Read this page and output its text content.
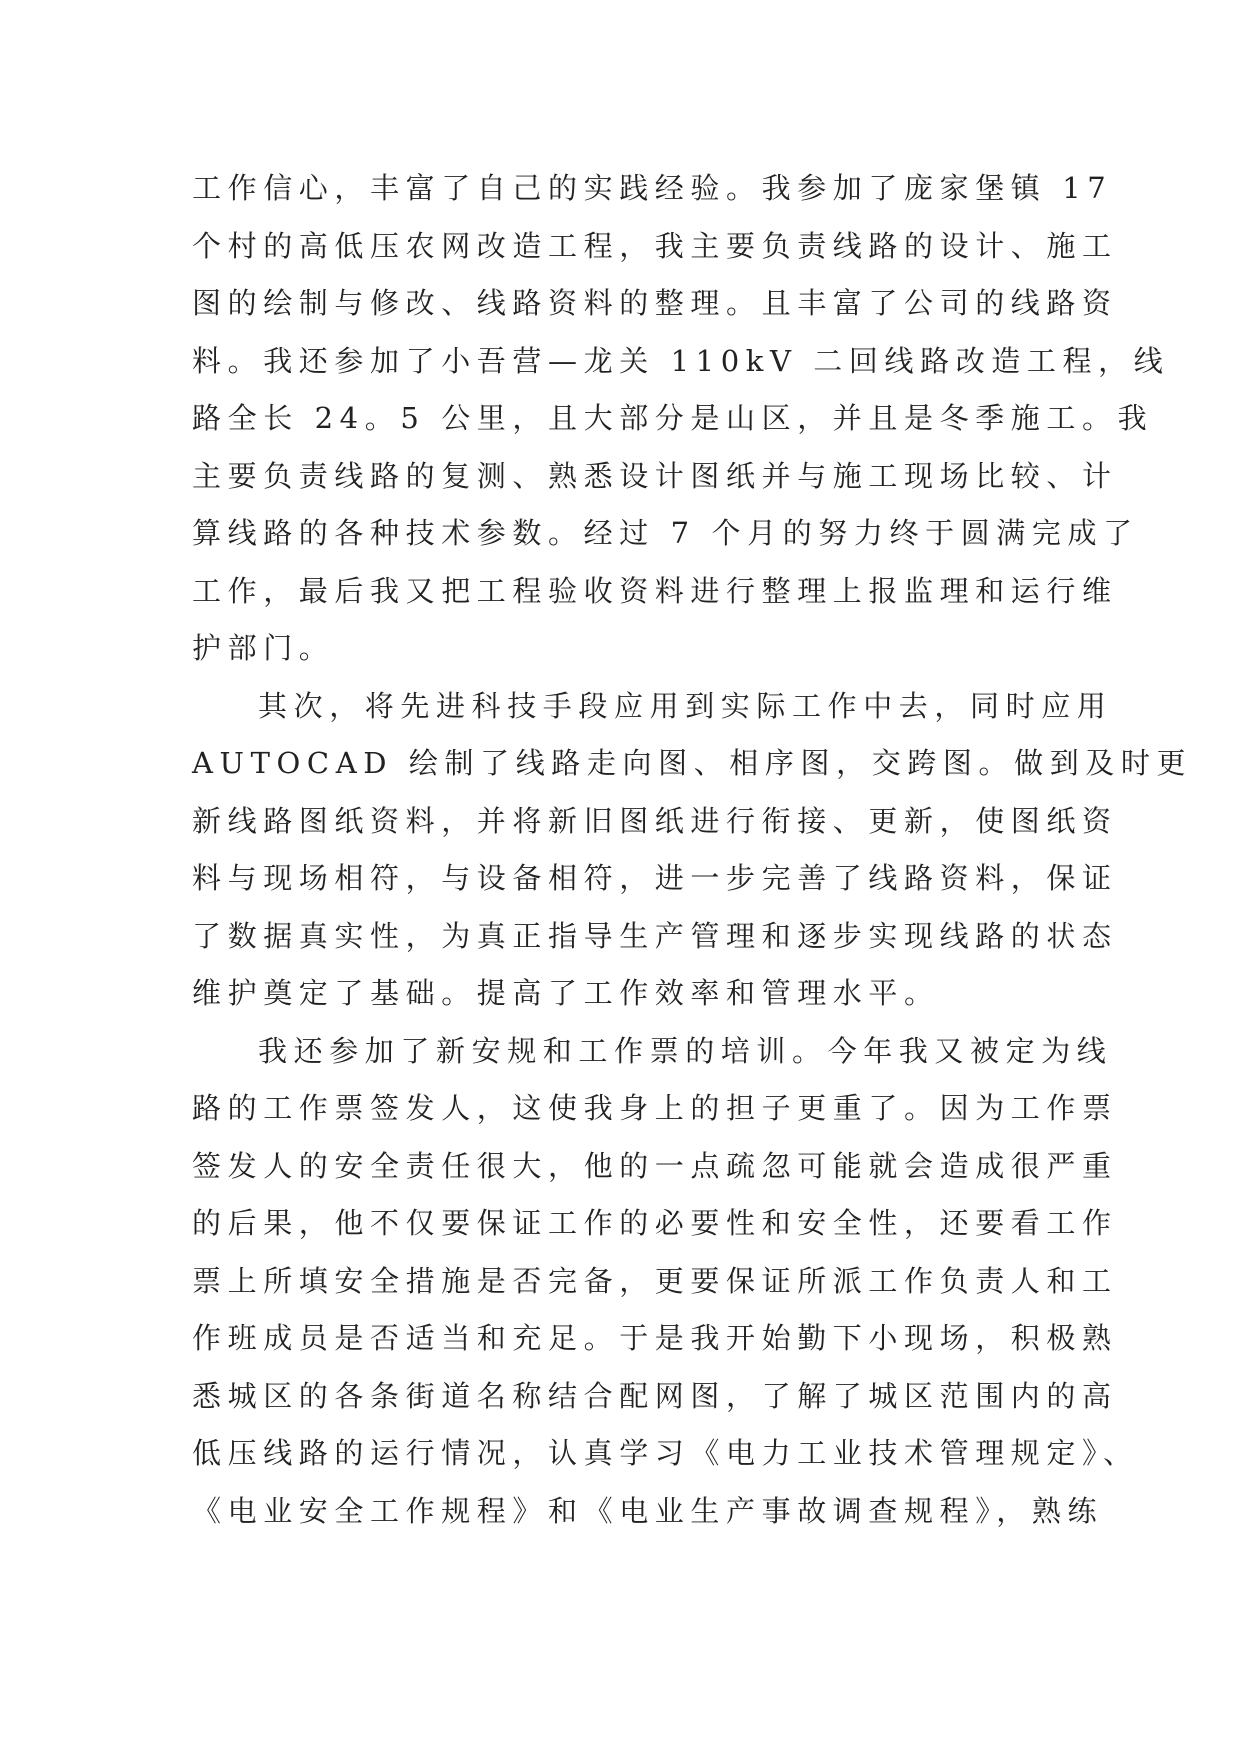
工作信心，丰富了自己的实践经验。我参加了庞家堡镇 17
个村的高低压农网改造工程，我主要负责线路的设计、施工
图的绘制与修改、线路资料的整理。且丰富了公司的线路资
料。我还参加了小吾营—龙关 110kV 二回线路改造工程，线
路全长 24。5 公里，且大部分是山区，并且是冬季施工。我
主要负责线路的复测、熟悉设计图纸并与施工现场比较、计
算线路的各种技术参数。经过 7 个月的努力终于圆满完成了
工作，最后我又把工程验收资料进行整理上报监理和运行维
护部门。
其次，将先进科技手段应用到实际工作中去，同时应用
AUTOCAD 绘制了线路走向图、相序图，交跨图。做到及时更
新线路图纸资料，并将新旧图纸进行衔接、更新，使图纸资
料与现场相符，与设备相符，进一步完善了线路资料，保证
了数据真实性，为真正指导生产管理和逐步实现线路的状态
维护奠定了基础。提高了工作效率和管理水平。
我还参加了新安规和工作票的培训。今年我又被定为线
路的工作票签发人，这使我身上的担子更重了。因为工作票
签发人的安全责任很大，他的一点疏忽可能就会造成很严重
的后果，他不仅要保证工作的必要性和安全性，还要看工作
票上所填安全措施是否完备，更要保证所派工作负责人和工
作班成员是否适当和充足。于是我开始勤下小现场，积极熟
悉城区的各条街道名称结合配网图，了解了城区范围内的高
低压线路的运行情况，认真学习《电力工业技术管理规定》、
《电业安全工作规程》和《电业生产事故调查规程》，熟练
